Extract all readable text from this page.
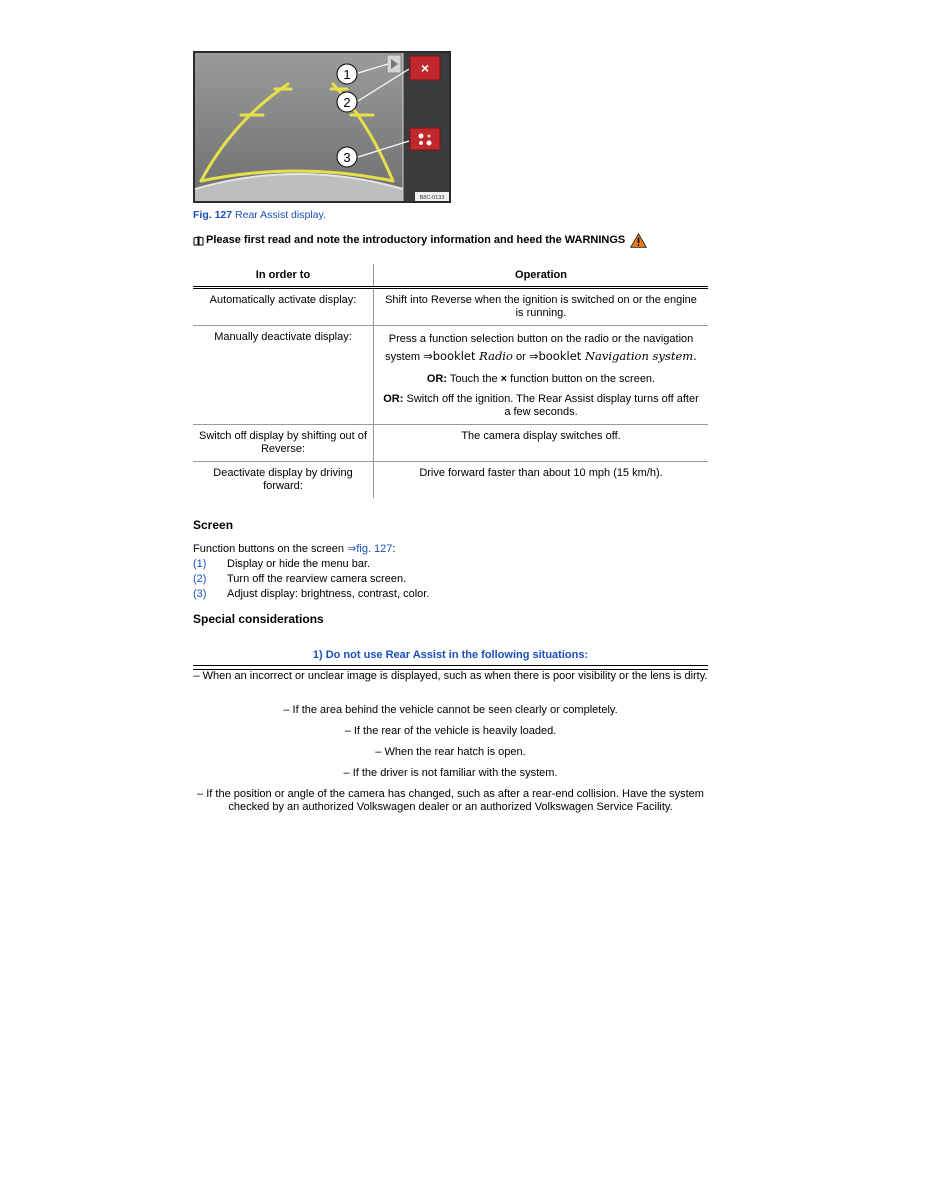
×
1
2
3
B8C-0133
Fig. 127 Rear Assist display.
Please first read and note the introductory information and heed the WARNINGS
In order to	Operation
Automatically activate display:	Shift into Reverse when the ignition is switched on or the engine is running.
Manually deactivate display:	Press a function selection button on the radio or the navigation system ⇒booklet Radio or ⇒booklet Navigation system.

OR: Touch the × function button on the screen.

OR: Switch off the ignition. The Rear Assist display turns off after a few seconds.

Switch off display by shifting out of Reverse:	The camera display switches off.
Deactivate display by driving forward:	Drive forward faster than about 10 mph (15 km/h).
Screen
Function buttons on the screen ⇒fig. 127:
(1) Display or hide the menu bar.
(2) Turn off the rearview camera screen.
(3) Adjust display: brightness, contrast, color.
Special considerations
1) Do not use Rear Assist in the following situations:
– When an incorrect or unclear image is displayed, such as when there is poor visibility or the lens is dirty.
– If the area behind the vehicle cannot be seen clearly or completely.
– If the rear of the vehicle is heavily loaded.
– When the rear hatch is open.
– If the driver is not familiar with the system.
– If the position or angle of the camera has changed, such as after a rear-end collision. Have the system checked by an authorized Volkswagen dealer or an authorized Volkswagen Service Facility.
